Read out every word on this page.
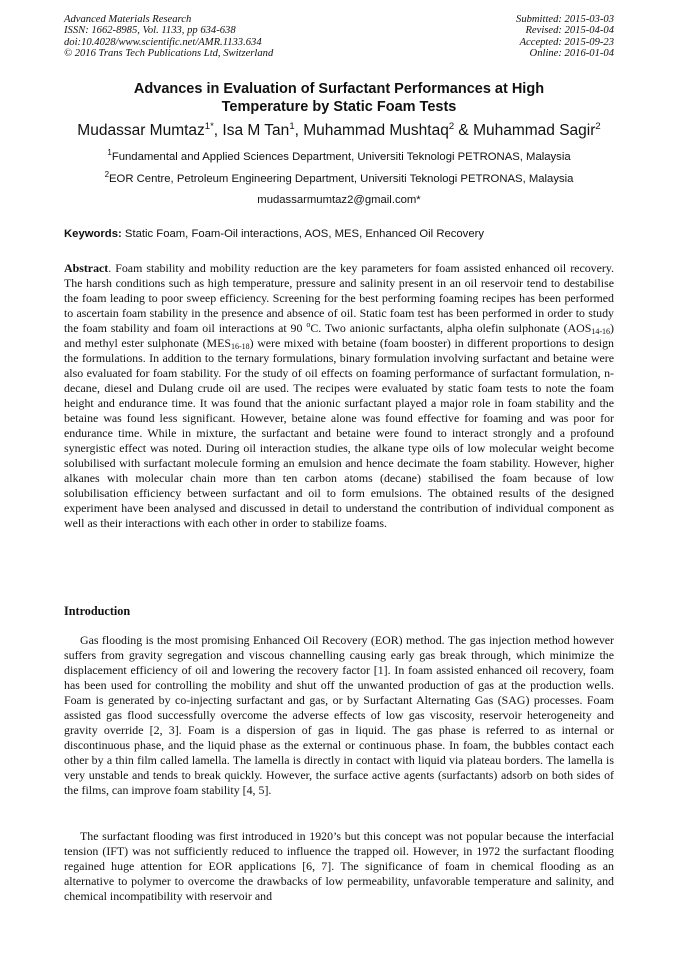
Advanced Materials Research
ISSN: 1662-8985, Vol. 1133, pp 634-638
doi:10.4028/www.scientific.net/AMR.1133.634
© 2016 Trans Tech Publications Ltd, Switzerland
Submitted: 2015-03-03
Revised: 2015-04-04
Accepted: 2015-09-23
Online: 2016-01-04
Advances in Evaluation of Surfactant Performances at High
Temperature by Static Foam Tests
Mudassar Mumtaz$^{1*}$, Isa M Tan$^1$, Muhammad Mushtaq$^2$ & Muhammad Sagir$^2$
$^1$Fundamental and Applied Sciences Department, Universiti Teknologi PETRONAS, Malaysia
$^2$EOR Centre, Petroleum Engineering Department, Universiti Teknologi PETRONAS, Malaysia
mudassarmumtaz2@gmail.com*
Keywords: Static Foam, Foam-Oil interactions, AOS, MES, Enhanced Oil Recovery
Abstract. Foam stability and mobility reduction are the key parameters for foam assisted enhanced oil recovery. The harsh conditions such as high temperature, pressure and salinity present in an oil reservoir tend to destabilise the foam leading to poor sweep efficiency. Screening for the best performing foaming recipes has been performed to ascertain foam stability in the presence and absence of oil. Static foam test has been performed in order to study the foam stability and foam oil interactions at 90 $^o$C. Two anionic surfactants, alpha olefin sulphonate $(AOS_{14-16})$ and methyl ester sulphonate $(MES_{16-18})$ were mixed with betaine (foam booster) in different proportions to design the formulations. In addition to the ternary formulations, binary formulation involving surfactant and betaine were also evaluated for foam stability. For the study of oil effects on foaming performance of surfactant formulation, n-decane, diesel and Dulang crude oil are used. The recipes were evaluated by static foam tests to note the foam height and endurance time. It was found that the anionic surfactant played a major role in foam stability and the betaine was found less significant. However, betaine alone was found effective for foaming and was poor for endurance time. While in mixture, the surfactant and betaine were found to interact strongly and a profound synergistic effect was noted. During oil interaction studies, the alkane type oils of low molecular weight become solubilised with surfactant molecule forming an emulsion and hence decimate the foam stability. However, higher alkanes with molecular chain more than ten carbon atoms (decane) stabilised the foam because of low solubilisation efficiency between surfactant and oil to form emulsions. The obtained results of the designed experiment have been analysed and discussed in detail to understand the contribution of individual component as well as their interactions with each other in order to stabilize foams.
Introduction
Gas flooding is the most promising Enhanced Oil Recovery (EOR) method. The gas injection method however suffers from gravity segregation and viscous channelling causing early gas break through, which minimize the displacement efficiency of oil and lowering the recovery factor [1]. In foam assisted enhanced oil recovery, foam has been used for controlling the mobility and shut off the unwanted production of gas at the production wells. Foam is generated by co-injecting surfactant and gas, or by Surfactant Alternating Gas (SAG) processes. Foam assisted gas flood successfully overcome the adverse effects of low gas viscosity, reservoir heterogeneity and gravity override [2, 3]. Foam is a dispersion of gas in liquid. The gas phase is referred to as internal or discontinuous phase, and the liquid phase as the external or continuous phase. In foam, the bubbles contact each other by a thin film called lamella. The lamella is directly in contact with liquid via plateau borders. The lamella is very unstable and tends to break quickly. However, the surface active agents (surfactants) adsorb on both sides of the films, can improve foam stability [4, 5].
The surfactant flooding was first introduced in 1920’s but this concept was not popular because the interfacial tension (IFT) was not sufficiently reduced to influence the trapped oil. However, in 1972 the surfactant flooding regained huge attention for EOR applications [6, 7]. The significance of foam in chemical flooding as an alternative to polymer to overcome the drawbacks of low permeability, unfavorable temperature and salinity, and chemical incompatibility with reservoir and
